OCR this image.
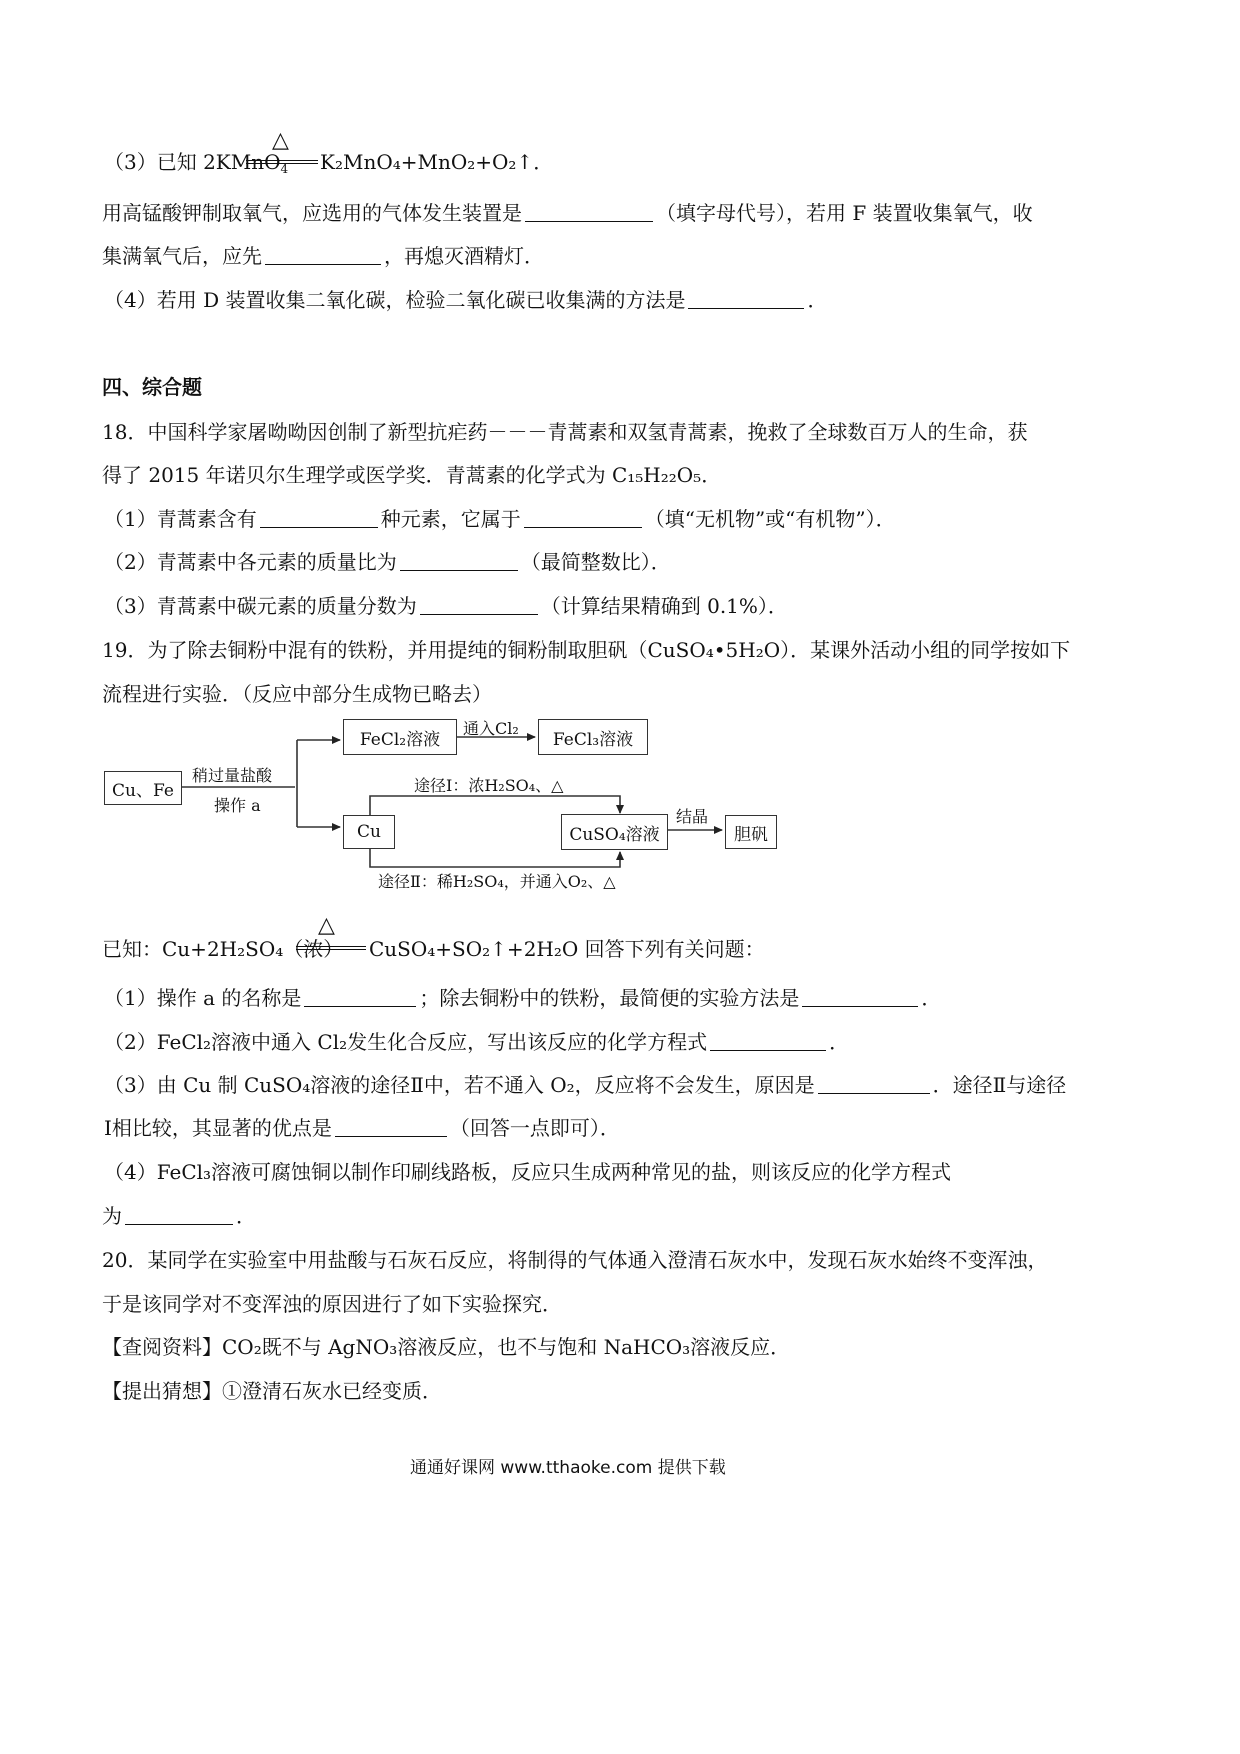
（3）已知 2KMnO$_4$
△
K₂MnO₄+MnO₂+O₂↑．
用高锰酸钾制取氧气，应选用的气体发生装置是	（填字母代号），若用 F 装置收集氧气，收
集满氧气后，应先	，再熄灭酒精灯．
（4）若用 D 装置收集二氧化碳，检验二氧化碳已收集满的方法是	．
四、综合题
18．中国科学家屠呦呦因创制了新型抗疟药－－－青蒿素和双氢青蒿素，挽救了全球数百万人的生命，获
得了 2015 年诺贝尔生理学或医学奖．青蒿素的化学式为 C₁₅H₂₂O₅．
（1）青蒿素含有	种元素，它属于	（填“无机物”或“有机物”）．
（2）青蒿素中各元素的质量比为	（最简整数比）．
（3）青蒿素中碳元素的质量分数为	（计算结果精确到 0.1%）．
19．为了除去铜粉中混有的铁粉，并用提纯的铜粉制取胆矾（CuSO₄•5H₂O）．某课外活动小组的同学按如下
流程进行实验．（反应中部分生成物已略去）
Cu、Fe
稍过量盐酸
操作 a
FeCl₂溶液
通入Cl₂
FeCl₃溶液
途径Ⅰ：浓H₂SO₄、△
Cu	CuSO₄溶液
结晶
胆矾
途径Ⅱ：稀H₂SO₄，并通入O₂、△
已知：Cu+2H₂SO₄（浓）
△
CuSO₄+SO₂↑+2H₂O 回答下列有关问题：
（1）操作 a 的名称是	；除去铜粉中的铁粉，最简便的实验方法是	．
（2）FeCl₂溶液中通入 Cl₂发生化合反应，写出该反应的化学方程式	．
（3）由 Cu 制 CuSO₄溶液的途径Ⅱ中，若不通入 O₂，反应将不会发生，原因是	．途径Ⅱ与途径
Ⅰ相比较，其显著的优点是	（回答一点即可）．
（4）FeCl₃溶液可腐蚀铜以制作印刷线路板，反应只生成两种常见的盐，则该反应的化学方程式
为	．
20．某同学在实验室中用盐酸与石灰石反应，将制得的气体通入澄清石灰水中，发现石灰水始终不变浑浊，
于是该同学对不变浑浊的原因进行了如下实验探究．
【查阅资料】CO₂既不与 AgNO₃溶液反应，也不与饱和 NaHCO₃溶液反应．
【提出猜想】①澄清石灰水已经变质．
通通好课网 www.tthaoke.com 提供下载
